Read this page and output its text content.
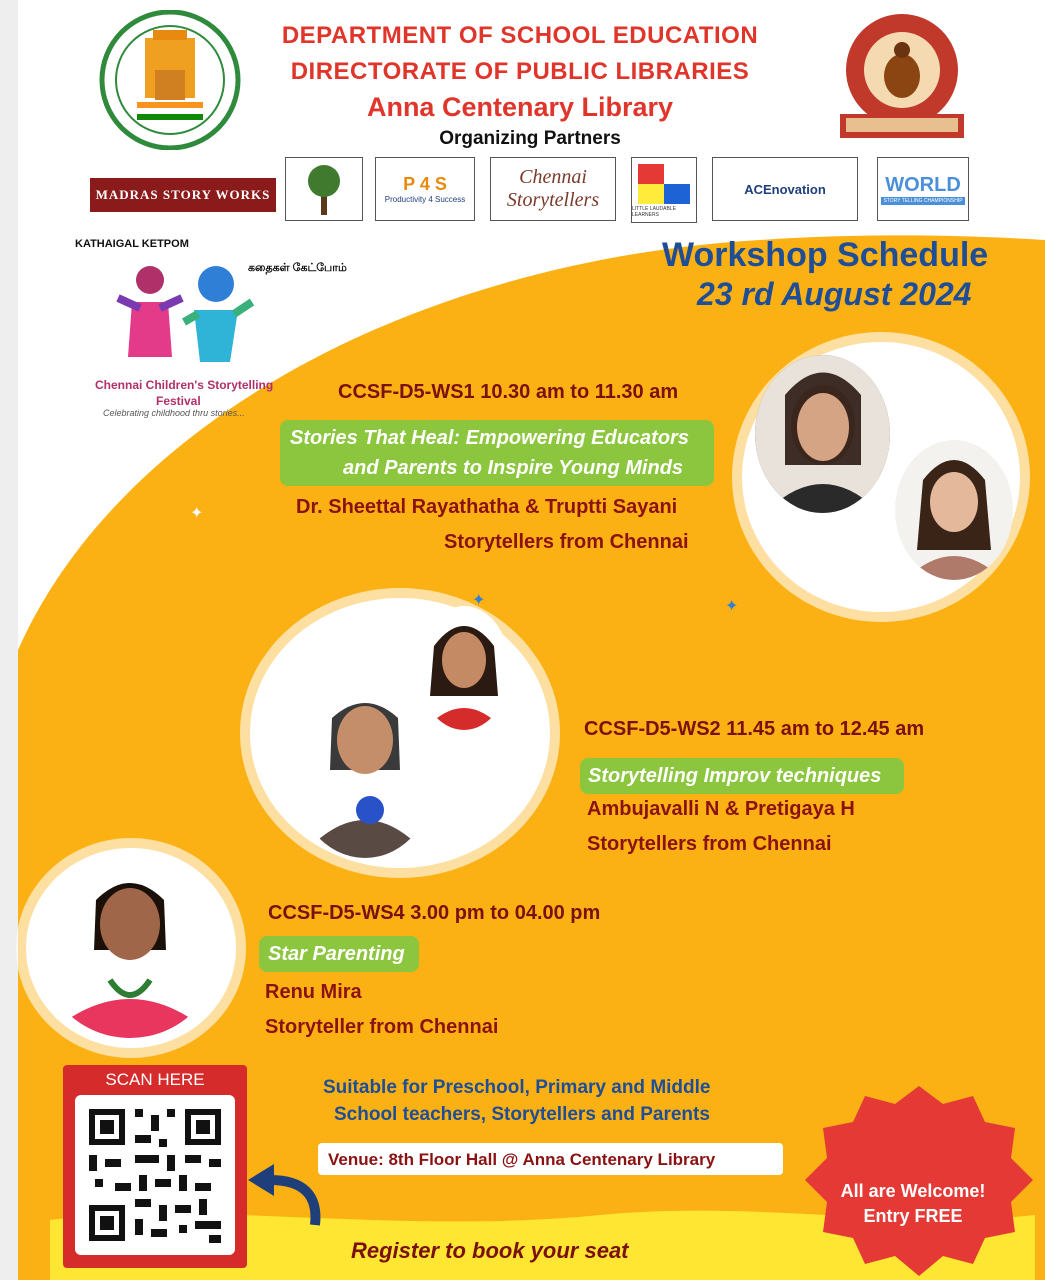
DEPARTMENT OF SCHOOL EDUCATION
DIRECTORATE OF PUBLIC LIBRARIES
Anna Centenary Library
Organizing Partners
MADRAS STORY WORKS
P 4 S
Productivity 4 Success
Chennai
Storytellers	LITTLE LAUDABLE LEARNERS
ACEnovation	WORLD
STORY TELLING CHAMPIONSHIP
KATHAIGAL KETPOM
கதைகள் கேட்போம்
Chennai Children's Storytelling
Festival
Celebrating childhood thru stories...
Workshop Schedule
23 rd August 2024
CCSF-D5-WS1 10.30 am to 11.30 am
Stories That Heal: Empowering Educators
and Parents to Inspire Young Minds
Dr. Sheettal Rayathatha & Truptti Sayani
Storytellers from Chennai
CCSF-D5-WS2 11.45 am to 12.45 am
Storytelling Improv techniques
Ambujavalli N & Pretigaya H
Storytellers from Chennai
CCSF-D5-WS4 3.00 pm to 04.00 pm
Star Parenting
Renu Mira
Storyteller from Chennai
✦
✦	✦
SCAN HERE	Suitable for Preschool, Primary and Middle
School teachers, Storytellers and Parents
Venue: 8th Floor Hall @ Anna Centenary Library
Register to book your seat
All are Welcome!
Entry FREE
